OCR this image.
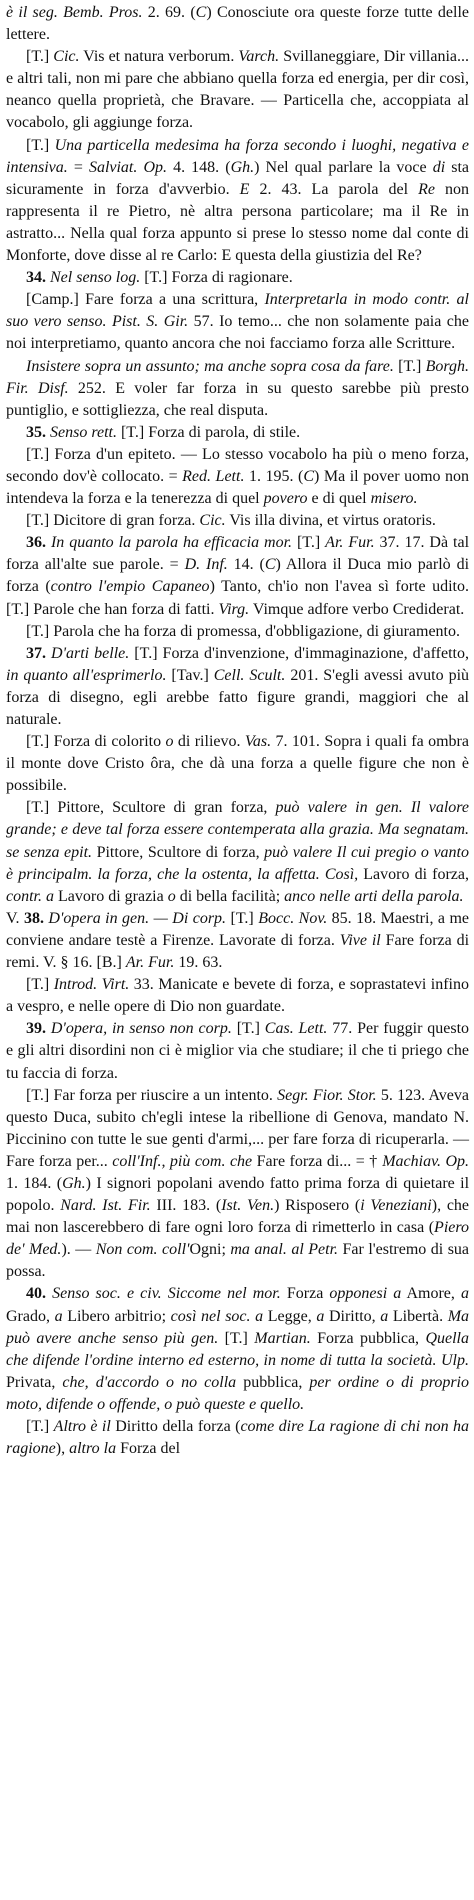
è il seg. Bemb. Pros. 2. 69. (C) Conosciute ora queste forze tutte delle lettere.

[T.] Cic. Vis et natura verborum. Varch. Svillaneggiare, Dir villania... e altri tali, non mi pare che abbiano quella forza ed energia, per dir così, neanco quella proprietà, che Bravare. — Particella che, accoppiata al vocabolo, gli aggiunge forza.

[T.] Una particella medesima ha forza secondo i luoghi, negativa e intensiva. = Salviat. Op. 4. 148. (Gh.) Nel qual parlare la voce di sta sicuramente in forza d'avverbio. E 2. 43. La parola del Re non rappresenta il re Pietro, nè altra persona particolare; ma il Re in astratto... Nella qual forza appunto si prese lo stesso nome dal conte di Monforte, dove disse al re Carlo: E questa della giustizia del Re?

34. Nel senso log. [T.] Forza di ragionare.

[Camp.] Fare forza a una scrittura, Interpretarla in modo contr. al suo vero senso. Pist. S. Gir. 57. Io temo... che non solamente paia che noi interpretiamo, quanto ancora che noi facciamo forza alle Scritture.

Insistere sopra un assunto; ma anche sopra cosa da fare. [T.] Borgh. Fir. Disf. 252. E voler far forza in su questo sarebbe più presto puntiglio, e sottigliezza, che real disputa.

35. Senso rett. [T.] Forza di parola, di stile.

[T.] Forza d'un epiteto. — Lo stesso vocabolo ha più o meno forza, secondo dov'è collocato. = Red. Lett. 1. 195. (C) Ma il pover uomo non intendeva la forza e la tenerezza di quel povero e di quel misero.

[T.] Dicitore di gran forza. Cic. Vis illa divina, et virtus oratoris.

36. In quanto la parola ha efficacia mor. [T.] Ar. Fur. 37. 17. Dà tal forza all'alte sue parole. = D. Inf. 14. (C) Allora il Duca mio parlò di forza (contro l'empio Capaneo) Tanto, ch'io non l'avea sì forte udito. [T.] Parole che han forza di fatti. Virg. Vimque adfore verbo Crediderat.

[T.] Parola che ha forza di promessa, d'obbligazione, di giuramento.

37. D'arti belle. [T.] Forza d'invenzione, d'immaginazione, d'affetto, in quanto all'esprimerlo. [Tav.] Cell. Scult. 201. S'egli avessi avuto più forza di disegno, egli arebbe fatto figure grandi, maggiori che al naturale.

[T.] Forza di colorito o di rilievo. Vas. 7. 101. Sopra i quali fa ombra il monte dove Cristo ôra, che dà una forza a quelle figure che non è possibile.

[T.] Pittore, Scultore di gran forza, può valere in gen. Il valore grande; e deve tal forza essere contemperata alla grazia. Ma segnatam. se senza epit. Pittore, Scultore di forza, può valere Il cui pregio o vanto è principalm. la forza, che la ostenta, la affetta. Così, Lavoro di forza, contr. a Lavoro di grazia o di bella facilità; anco nelle arti della parola.

V. 38. D'opera in gen. — Di corp. [T.] Bocc. Nov. 85. 18. Maestri, a me conviene andare testè a Firenze. Lavorate di forza. Vive il Fare forza di remi. V. § 16. [B.] Ar. Fur. 19. 63.

[T.] Introd. Virt. 33. Manicate e bevete di forza, e soprastatevi infino a vespro, e nelle opere di Dio non guardate.

39. D'opera, in senso non corp. [T.] Cas. Lett. 77. Per fuggir questo e gli altri disordini non ci è miglior via che studiare; il che ti priego che tu faccia di forza.

[T.] Far forza per riuscire a un intento. Segr. Fior. Stor. 5. 123. Aveva questo Duca, subito ch'egli intese la ribellione di Genova, mandato N. Piccinino con tutte le sue genti d'armi,... per fare forza di ricuperarla. — Fare forza per... coll'Inf., più com. che Fare forza di... = † Machiav. Op. 1. 184. (Gh.) I signori popolani avendo fatto prima forza di quietare il popolo. Nard. Ist. Fir. III. 183. (Ist. Ven.) Risposero (i Veneziani), che mai non lascerebbero di fare ogni loro forza di rimetterlo in casa (Piero de' Med.). — Non com. coll'Ogni; ma anal. al Petr. Far l'estremo di sua possa.

40. Senso soc. e civ. Siccome nel mor. Forza opponesi a Amore, a Grado, a Libero arbitrio; così nel soc. a Legge, a Diritto, a Libertà. Ma può avere anche senso più gen. [T.] Martian. Forza pubblica, Quella che difende l'ordine interno ed esterno, in nome di tutta la società. Ulp. Privata, che, d'accordo o no colla pubblica, per ordine o di proprio moto, difende o offende, o può queste e quello.

[T.] Altro è il Diritto della forza (come dire La ragione di chi non ha ragione), altro la Forza del
